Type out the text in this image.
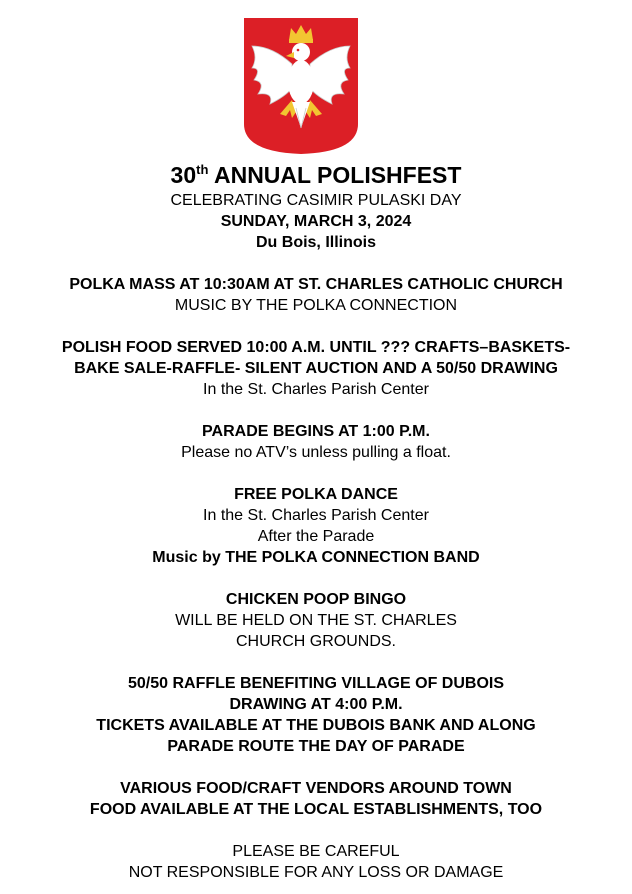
30th ANNUAL POLISHFEST

CELEBRATING CASIMIR PULASKI DAY

SUNDAY, MARCH 3, 2024

Du Bois, Illinois

POLKA MASS AT 10:30AM AT ST. CHARLES CATHOLIC CHURCH

MUSIC BY THE POLKA CONNECTION

POLISH FOOD SERVED 10:00 A.M. UNTIL ??? CRAFTS–BASKETS-

BAKE SALE-RAFFLE- SILENT AUCTION AND A 50/50 DRAWING

In the St. Charles Parish Center

PARADE BEGINS AT 1:00 P.M.

Please no ATV’s unless pulling a float.

FREE POLKA DANCE

In the St. Charles Parish Center

After the Parade

Music by THE POLKA CONNECTION BAND

CHICKEN POOP BINGO

WILL BE HELD ON THE ST. CHARLES

CHURCH GROUNDS.

50/50 RAFFLE BENEFITING VILLAGE OF DUBOIS

DRAWING AT 4:00 P.M.

TICKETS AVAILABLE AT THE DUBOIS BANK AND ALONG

PARADE ROUTE THE DAY OF PARADE

VARIOUS FOOD/CRAFT VENDORS AROUND TOWN

FOOD AVAILABLE AT THE LOCAL ESTABLISHMENTS, TOO

PLEASE BE CAREFUL

NOT RESPONSIBLE FOR ANY LOSS OR DAMAGE
